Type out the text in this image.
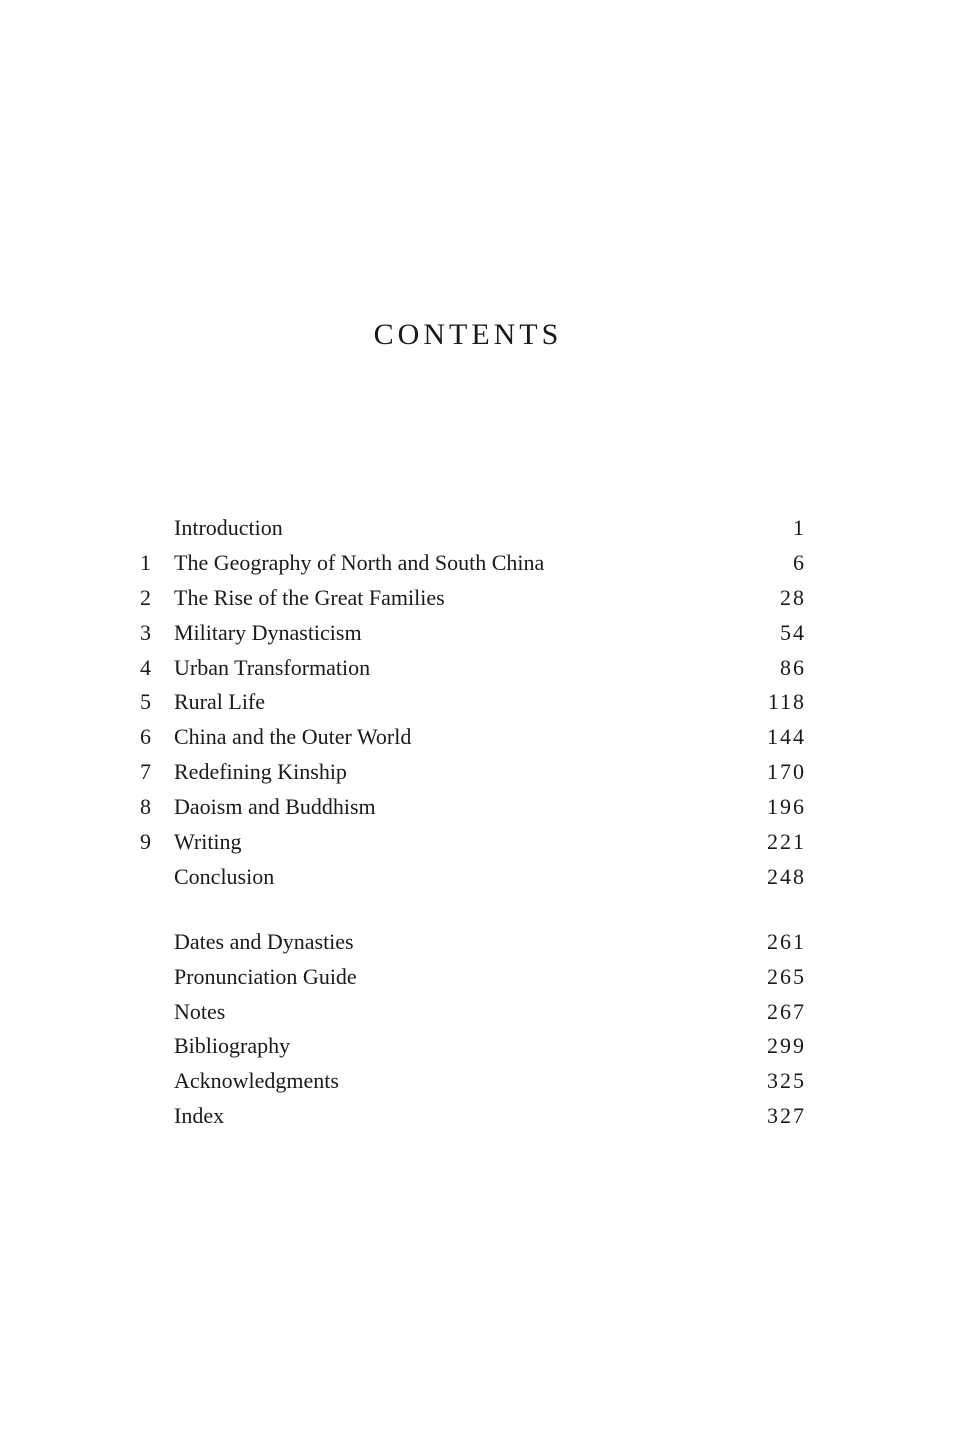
CONTENTS
Introduction	1
1	The Geography of North and South China	6
2	The Rise of the Great Families	28
3	Military Dynasticism	54
4	Urban Transformation	86
5	Rural Life	118
6	China and the Outer World	144
7	Redefining Kinship	170
8	Daoism and Buddhism	196
9	Writing	221
Conclusion	248
Dates and Dynasties	261
Pronunciation Guide	265
Notes	267
Bibliography	299
Acknowledgments	325
Index	327
